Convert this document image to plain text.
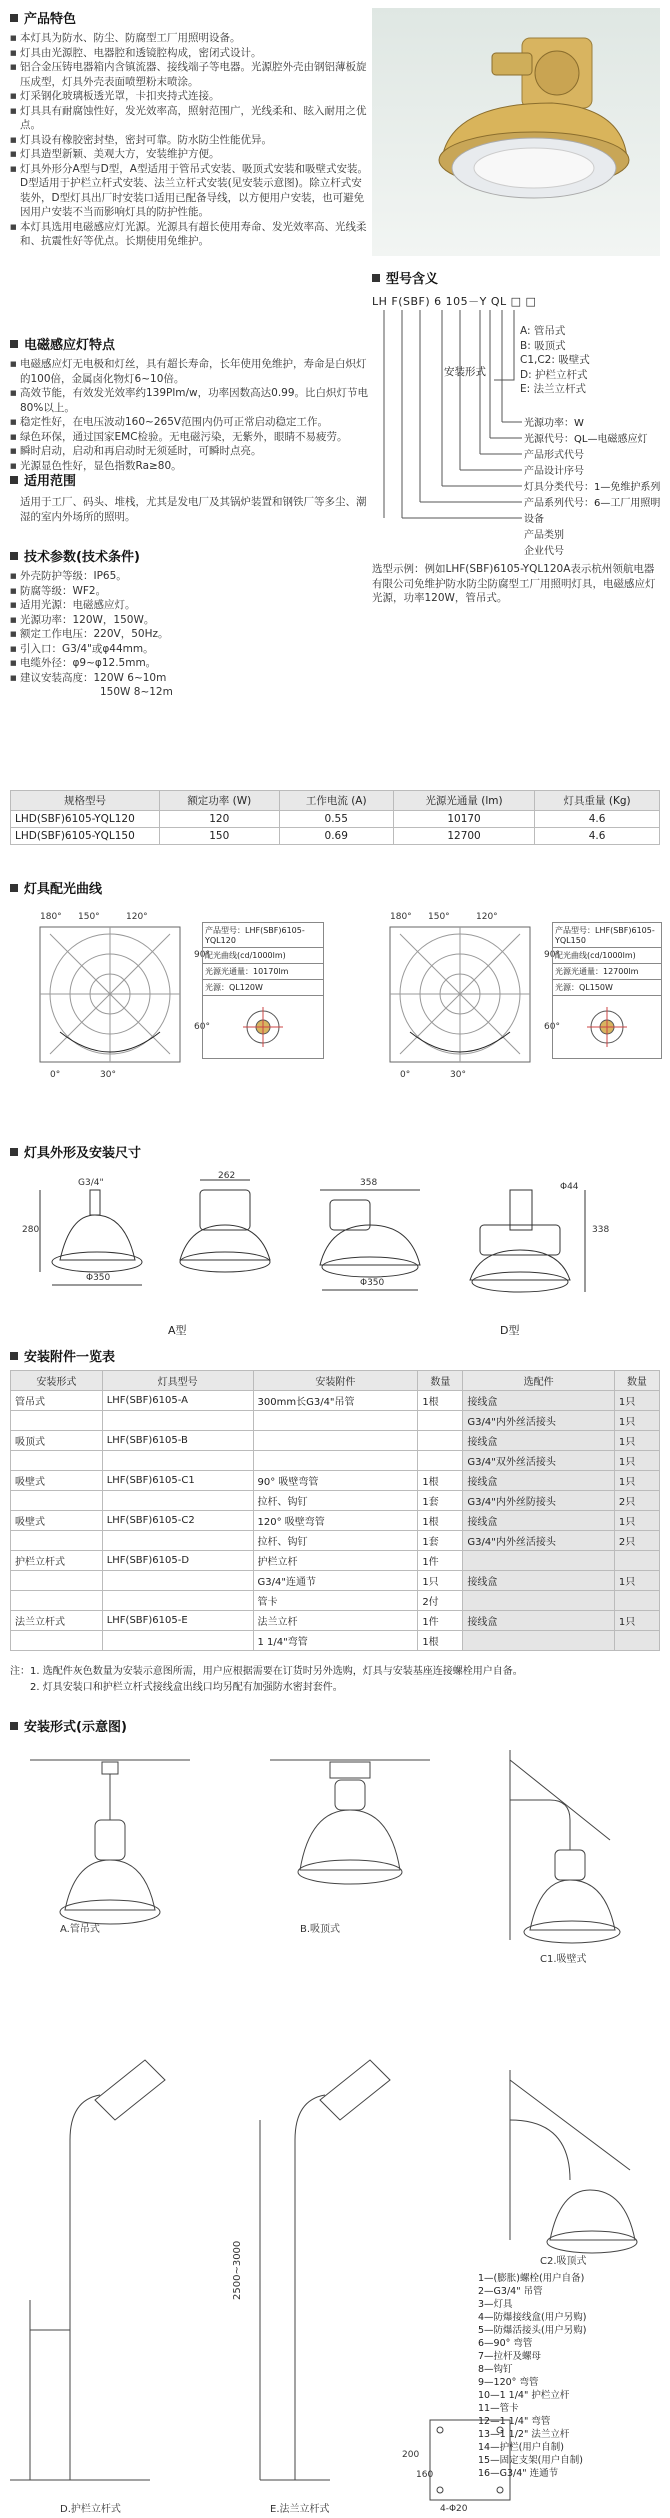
产品特色
■ 本灯具为防水、防尘、防腐型工厂用照明设备。
■ 灯具由光源腔、电器腔和透镜腔构成，密闭式设计。
■ 铝合金压铸电器箱内含镇流器、接线端子等电器。光源腔外壳由钢铝薄板旋压成型，灯具外壳表面喷塑粉末喷涂。
■ 灯采钢化玻璃板透光罩，卡扣夹持式连接。
■ 灯具具有耐腐蚀性好，发光效率高，照射范围广，光线柔和、眩入耐用之优点。
■ 灯具设有橡胶密封垫，密封可靠。防水防尘性能优异。
■ 灯具造型新颖、美观大方，安装维护方便。
■ 灯具外形分A型与D型，A型适用于管吊式安装、吸顶式安装和吸壁式安装。D型适用于护栏立杆式安装、法兰立杆式安装(见安装示意图)。除立杆式安装外，D型灯具出厂时安装口适用已配备导线，以方便用户安装，也可避免因用户安装不当而影响灯具的防护性能。
■ 本灯具选用电磁感应灯光源。光源具有超长使用寿命、发光效率高、光线柔和、抗震性好等优点。长期使用免维护。
电磁感应灯特点
■ 电磁感应灯无电极和灯丝，具有超长寿命，长年使用免维护，寿命是白炽灯的100倍，金属卤化物灯6~10倍。
■ 高效节能，有效发光效率约139Plm/w，功率因数高达0.99。比白炽灯节电80%以上。
■ 稳定性好，在电压波动160~265V范围内仍可正常启动稳定工作。
■ 绿色环保，通过国家EMC检验。无电磁污染，无紫外，眼睛不易疲劳。
■ 瞬时启动，启动和再启动时无须延时，可瞬时点亮。
■ 光源显色性好，显色指数Ra≥80。
适用范围
适用于工厂、码头、堆栈，尤其是发电厂及其锅炉装置和钢铁厂等多尘、潮湿的室内外场所的照明。
技术参数(技术条件)
■ 外壳防护等级：IP65。
■ 防腐等级：WF2。
■ 适用光源：电磁感应灯。
■ 光源功率：120W，150W。
■ 额定工作电压：220V，50Hz。
■ 引入口：G3/4"或φ44mm。
■ 电缆外径：φ9~φ12.5mm。
■ 建议安装高度：120W 6~10m
150W 8~12m
型号含义
LH F(SBF) 6 105－Y QL □ □
安装形式
A: 管吊式
B: 吸顶式
C1,C2: 吸壁式
D: 护栏立杆式
E: 法兰立杆式
光源功率：W
光源代号：QL—电磁感应灯
产品形式代号
产品设计序号
灯具分类代号：1—免维护系列
产品系列代号：6—工厂用照明设备
产品类别
企业代号
选型示例：例如LHF(SBF)6105-YQL120A表示杭州领航电器有限公司免维护防水防尘防腐型工厂用照明灯具，电磁感应灯光源，功率120W，管吊式。
规格型号	额定功率 (W)	工作电流 (A)	光源光通量 (lm)	灯具重量 (Kg)
LHD(SBF)6105-YQL120	120	0.55	10170	4.6
LHD(SBF)6105-YQL150	150	0.69	12700	4.6
灯具配光曲线
180° 150°	120°
90°
60°
0°	30°
产品型号：LHF(SBF)6105-YQL120
配光曲线(cd/1000lm)
光源光通量：10170lm
光源：QL120W
180° 150°	120°
90°
60°
0°	30°
产品型号：LHF(SBF)6105-YQL150
配光曲线(cd/1000lm)
光源光通量：12700lm
光源：QL150W
灯具外形及安装尺寸
G3/4"
262
280
Φ350
358	Φ44
338
Φ350
A型	D型
安装附件一览表
安装形式	灯具型号	安装附件	数量	选配件	数量
管吊式	LHF(SBF)6105-A	300mm长G3/4"吊管	1根	接线盒	1只
				G3/4"内外丝活接头	1只
吸顶式	LHF(SBF)6105-B			接线盒	1只
				G3/4"双外丝活接头	1只
吸壁式	LHF(SBF)6105-C1	90° 吸壁弯管	1根	接线盒	1只
		拉杆、钩钉	1套	G3/4"内外丝防接头	2只
吸壁式	LHF(SBF)6105-C2	120° 吸壁弯管	1根	接线盒	1只
		拉杆、钩钉	1套	G3/4"内外丝活接头	2只
护栏立杆式	LHF(SBF)6105-D	护栏立杆	1件		
		G3/4"连通节	1只	接线盒	1只
		管卡	2付		
法兰立杆式	LHF(SBF)6105-E	法兰立杆	1件	接线盒	1只
		1 1/4"弯管	1根		
注：1. 选配件灰色数量为安装示意图所需，用户应根据需要在订货时另外选购，灯具与安装基座连接螺栓用户自备。
2. 灯具安装口和护栏立杆式接线盒出线口均另配有加强防水密封套件。
安装形式(示意图)
A.管吊式	B.吸顶式
C1.吸壁式
D.护栏立杆式	E.法兰立杆式
C2.吸顶式
2500~3000
4-Φ20
200
160
1—(膨胀)螺栓(用户自备)
2—G3/4" 吊管
3—灯具
4—防爆接线盒(用户另购)
5—防爆活接头(用户另购)
6—90° 弯管
7—拉杆及螺母
8—钩钉
9—120° 弯管
10—1 1/4" 护栏立杆
11—管卡
12—1 1/4" 弯管
13—1 1/2" 法兰立杆
14—护栏(用户自制)
15—固定支架(用户自制)
16—G3/4" 连通节
